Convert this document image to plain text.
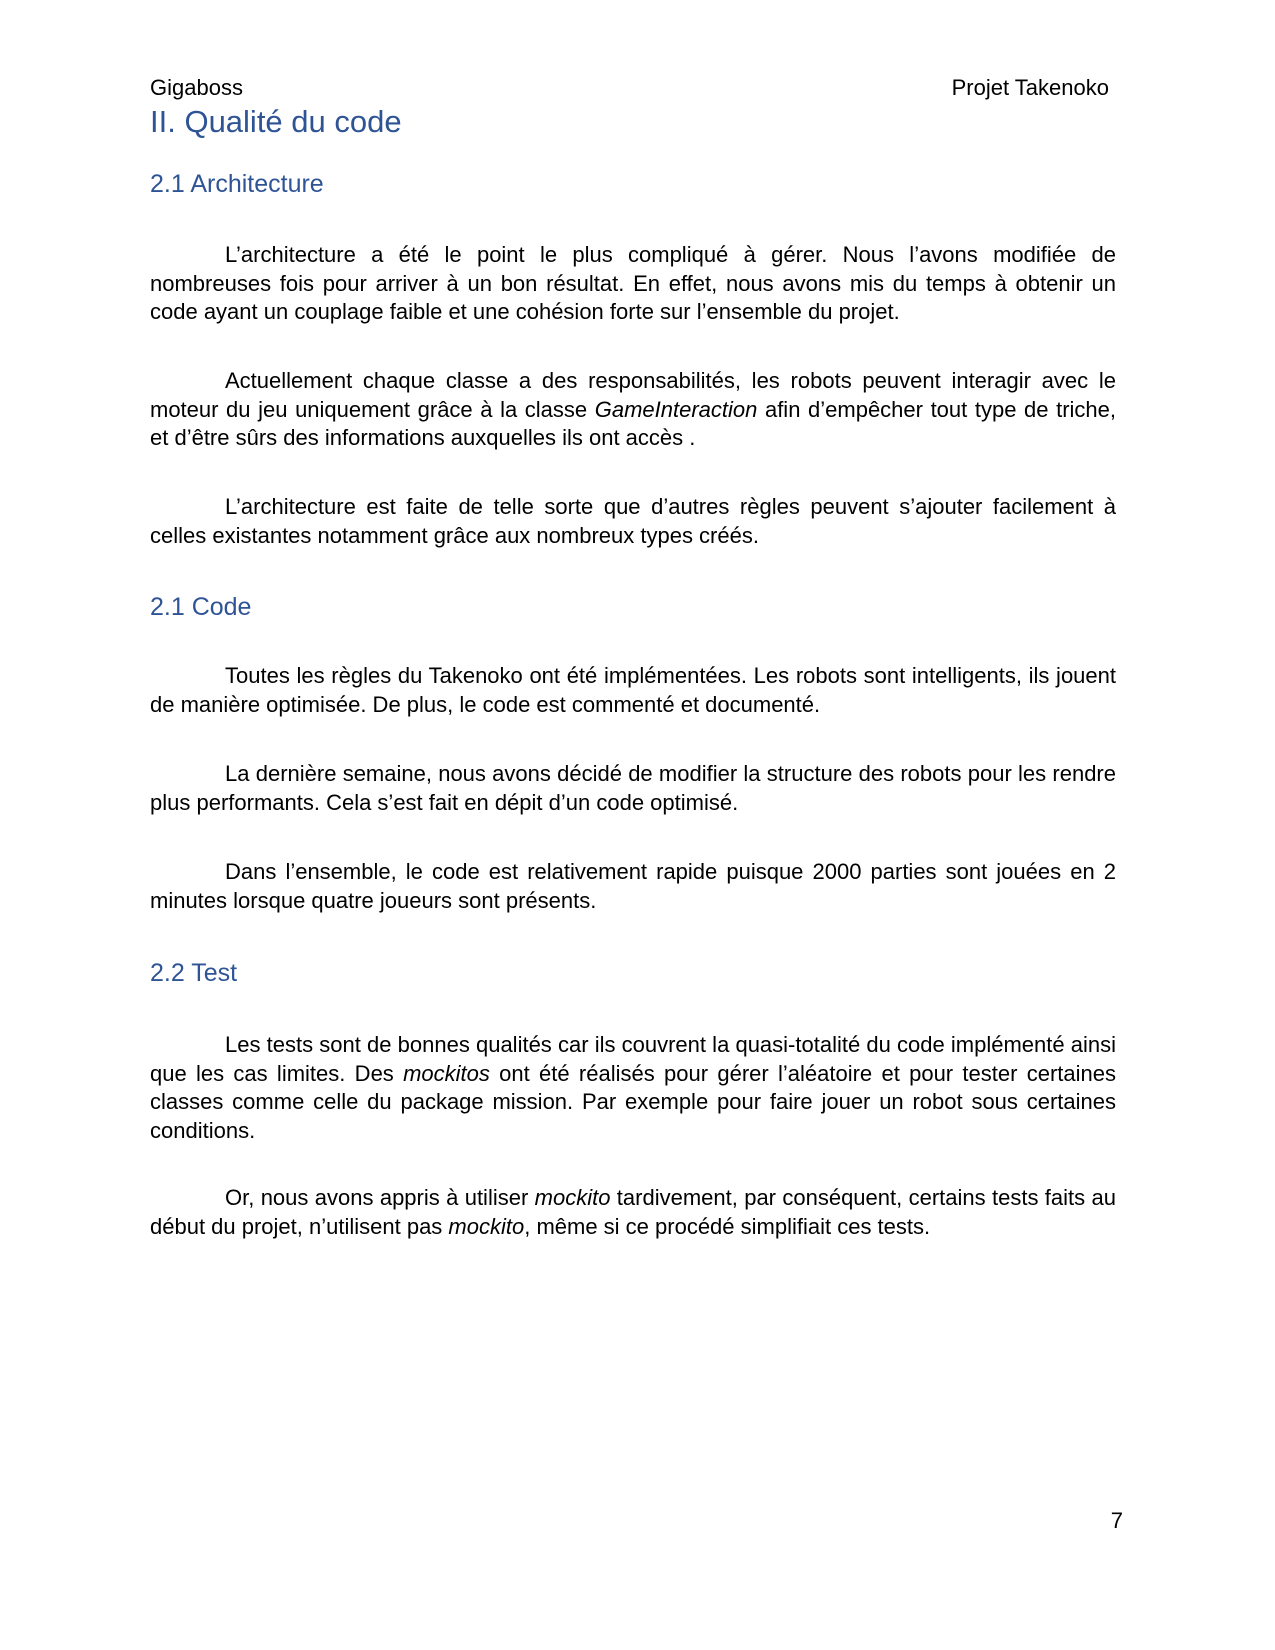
Gigaboss	Projet Takenoko
II. Qualité du code
2.1 Architecture

L’architecture a été le point le plus compliqué à gérer. Nous l’avons modifiée de nombreuses fois pour arriver à un bon résultat. En effet, nous avons mis du temps à obtenir un code ayant un couplage faible et une cohésion forte sur l’ensemble du projet.

Actuellement chaque classe a des responsabilités, les robots peuvent interagir avec le moteur du jeu uniquement grâce à la classe GameInteraction afin d’empêcher tout type de triche, et d’être sûrs des informations auxquelles ils ont accès .

L’architecture est faite de telle sorte que d’autres règles peuvent s’ajouter facilement à celles existantes notamment grâce aux nombreux types créés.

2.1 Code

Toutes les règles du Takenoko ont été implémentées. Les robots sont intelligents, ils jouent de manière optimisée. De plus, le code est commenté et documenté.

La dernière semaine, nous avons décidé de modifier la structure des robots pour les rendre plus performants. Cela s’est fait en dépit d’un code optimisé.

Dans l’ensemble, le code est relativement rapide puisque 2000 parties sont jouées en 2 minutes lorsque quatre joueurs sont présents.

2.2 Test

Les tests sont de bonnes qualités car ils couvrent la quasi-totalité du code implémenté ainsi que les cas limites. Des mockitos ont été réalisés pour gérer l’aléatoire et pour tester certaines classes comme celle du package mission. Par exemple pour faire jouer un robot sous certaines conditions.

Or, nous avons appris à utiliser mockito tardivement, par conséquent, certains tests faits au début du projet, n’utilisent pas mockito, même si ce procédé simplifiait ces tests.

7
